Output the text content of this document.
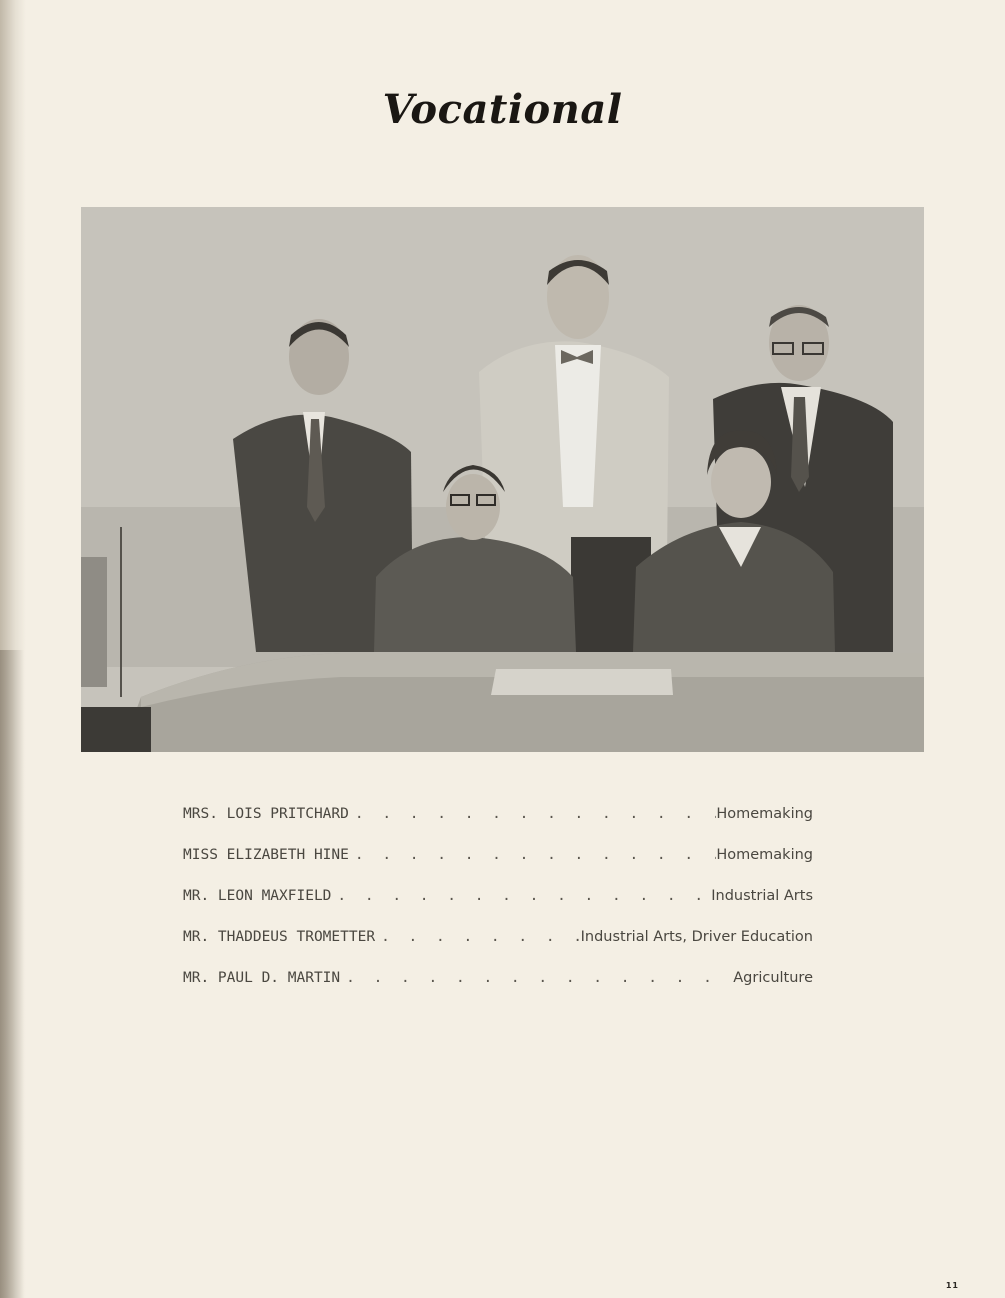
Vocational
MRS. LOIS PRITCHARD . . .	Homemaking
MISS ELIZABETH HINE . . .	Homemaking
MR. LEON MAXFIELD . . .	Industrial Arts
MR. THADDEUS TROMETTER . . .	Industrial Arts, Driver Education
MR. PAUL D. MARTIN . . .	Agriculture
11
